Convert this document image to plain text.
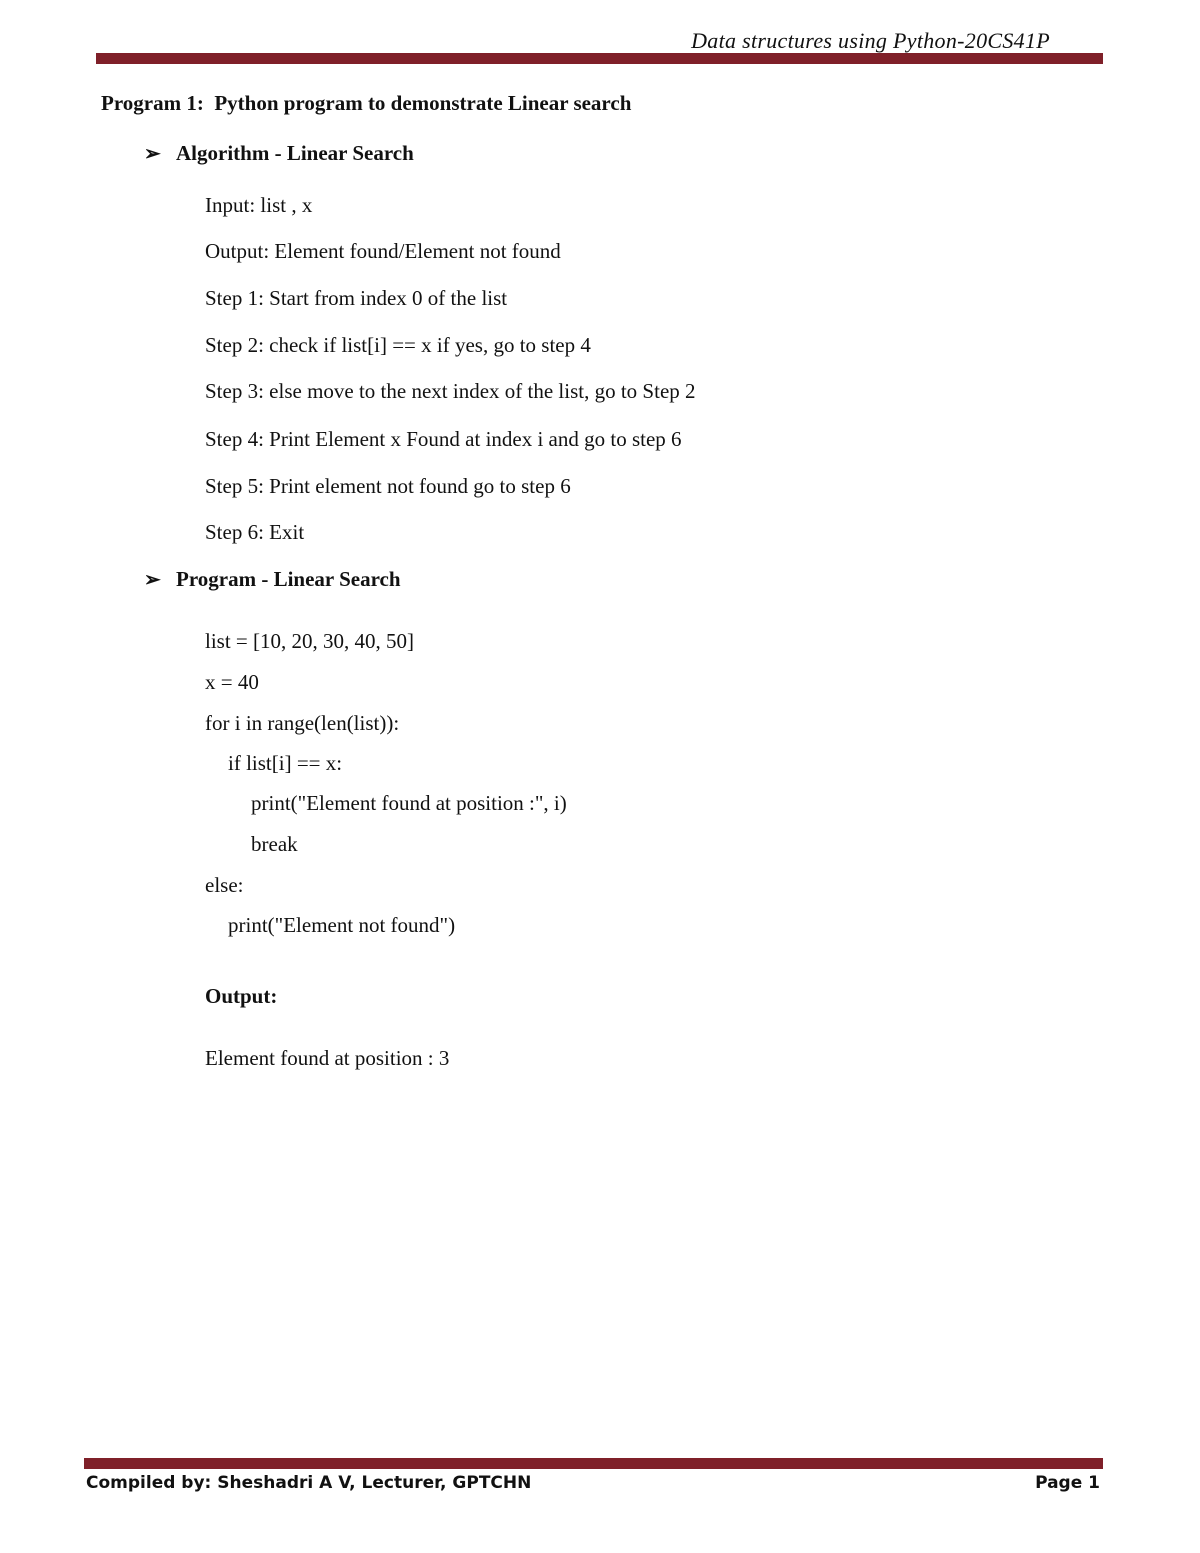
Data structures using Python-20CS41P
Program 1:  Python program to demonstrate Linear search
➢ Algorithm - Linear Search
Input: list , x
Output: Element found/Element not found
Step 1: Start from index 0 of the list
Step 2: check if list[i] == x if yes, go to step 4
Step 3: else move to the next index of the list, go to Step 2
Step 4: Print Element x Found at index i and go to step 6
Step 5: Print element not found go to step 6
Step 6: Exit
➢ Program - Linear Search
list = [10, 20, 30, 40, 50]
x = 40
for i in range(len(list)):
if list[i] == x:
print("Element found at position :", i)
break
else:
print("Element not found")
Output:
Element found at position : 3
Compiled by: Sheshadri A V, Lecturer, GPTCHN	Page 1
